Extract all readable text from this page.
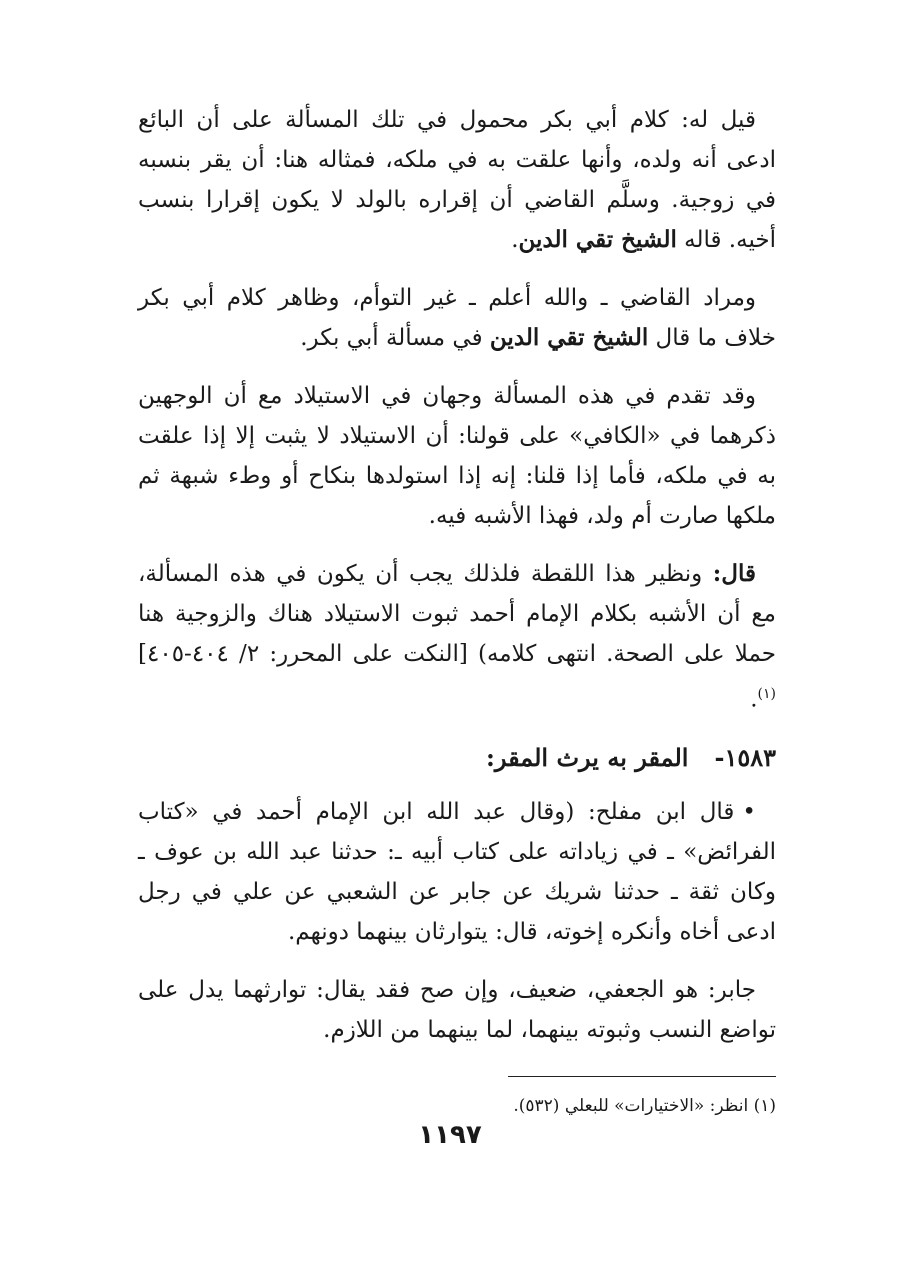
قيل له: كلام أبي بكر محمول في تلك المسألة على أن البائع ادعى أنه ولده، وأنها علقت به في ملكه، فمثاله هنا: أن يقر بنسبه في زوجية. وسلَّم القاضي أن إقراره بالولد لا يكون إقرارا بنسب أخيه. قاله الشيخ تقي الدين.

ومراد القاضي ـ والله أعلم ـ غير التوأم، وظاهر كلام أبي بكر خلاف ما قال الشيخ تقي الدين في مسألة أبي بكر.

وقد تقدم في هذه المسألة وجهان في الاستيلاد مع أن الوجهين ذكرهما في «الكافي» على قولنا: أن الاستيلاد لا يثبت إلا إذا علقت به في ملكه، فأما إذا قلنا: إنه إذا استولدها بنكاح أو وطء شبهة ثم ملكها صارت أم ولد، فهذا الأشبه فيه.

قال: ونظير هذا اللقطة فلذلك يجب أن يكون في هذه المسألة، مع أن الأشبه بكلام الإمام أحمد ثبوت الاستيلاد هناك والزوجية هنا حملا على الصحة. انتهى كلامه) [النكت على المحرر: ٢/ ٤٠٤-٤٠٥]$^{(١)}$.

١٥٨٣-المقر به يرث المقر:

•قال ابن مفلح: (وقال عبد الله ابن الإمام أحمد في «كتاب الفرائض» ـ في زياداته على كتاب أبيه ـ: حدثنا عبد الله بن عوف ـ وكان ثقة ـ حدثنا شريك عن جابر عن الشعبي عن علي في رجل ادعى أخاه وأنكره إخوته، قال: يتوارثان بينهما دونهم.

جابر: هو الجعفي، ضعيف، وإن صح فقد يقال: توارثهما يدل على تواضع النسب وثبوته بينهما، لما بينهما من اللازم.

(١) انظر: «الاختيارات» للبعلي (٥٣٢).

١١٩٧
